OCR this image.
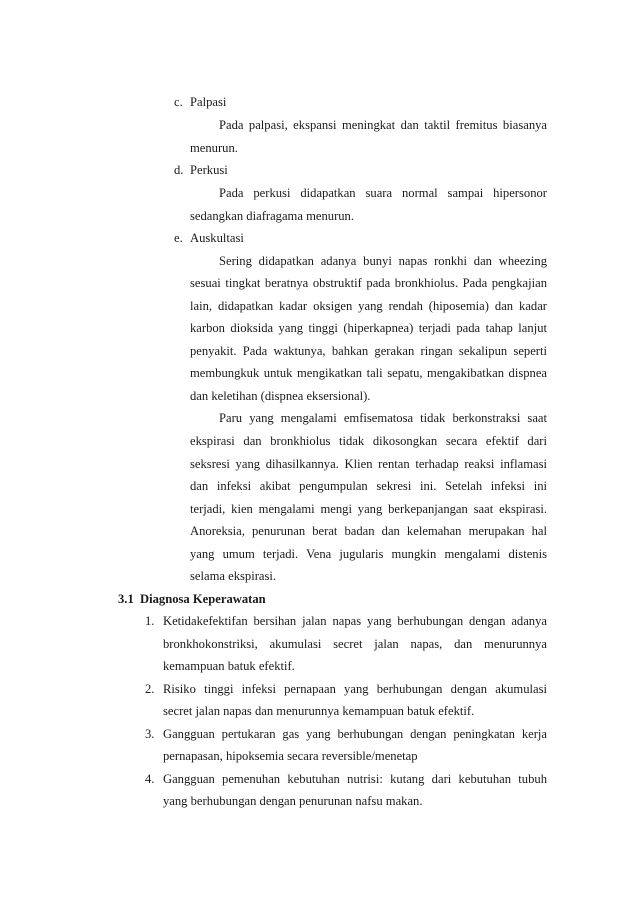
c. Palpasi
Pada palpasi, ekspansi meningkat dan taktil fremitus biasanya
menurun.
d. Perkusi
Pada perkusi didapatkan suara normal sampai hipersonor
sedangkan diafragama menurun.
e. Auskultasi
Sering didapatkan adanya bunyi napas ronkhi dan wheezing
sesuai tingkat beratnya obstruktif pada bronkhiolus. Pada pengkajian
lain, didapatkan kadar oksigen yang rendah (hiposemia) dan kadar
karbon dioksida yang tinggi (hiperkapnea) terjadi pada tahap lanjut
penyakit. Pada waktunya, bahkan gerakan ringan sekalipun seperti
membungkuk untuk mengikatkan tali sepatu, mengakibatkan dispnea
dan keletihan (dispnea eksersional).
Paru yang mengalami emfisematosa tidak berkonstraksi saat
ekspirasi dan bronkhiolus tidak dikosongkan secara efektif dari
seksresi yang dihasilkannya. Klien rentan terhadap reaksi inflamasi
dan infeksi akibat pengumpulan sekresi ini. Setelah infeksi ini
terjadi, kien mengalami mengi yang berkepanjangan saat ekspirasi.
Anoreksia, penurunan berat badan dan kelemahan merupakan hal
yang umum terjadi. Vena jugularis mungkin mengalami distenis
selama ekspirasi.
3.1  Diagnosa Keperawatan
1. Ketidakefektifan bersihan jalan napas yang berhubungan dengan adanya
bronkhokonstriksi, akumulasi secret jalan napas, dan menurunnya
kemampuan batuk efektif.
2. Risiko tinggi infeksi pernapaan yang berhubungan dengan akumulasi
secret jalan napas dan menurunnya kemampuan batuk efektif.
3. Gangguan pertukaran gas yang berhubungan dengan peningkatan kerja
pernapasan, hipoksemia secara reversible/menetap
4. Gangguan pemenuhan kebutuhan nutrisi: kutang dari kebutuhan tubuh
yang berhubungan dengan penurunan nafsu makan.
